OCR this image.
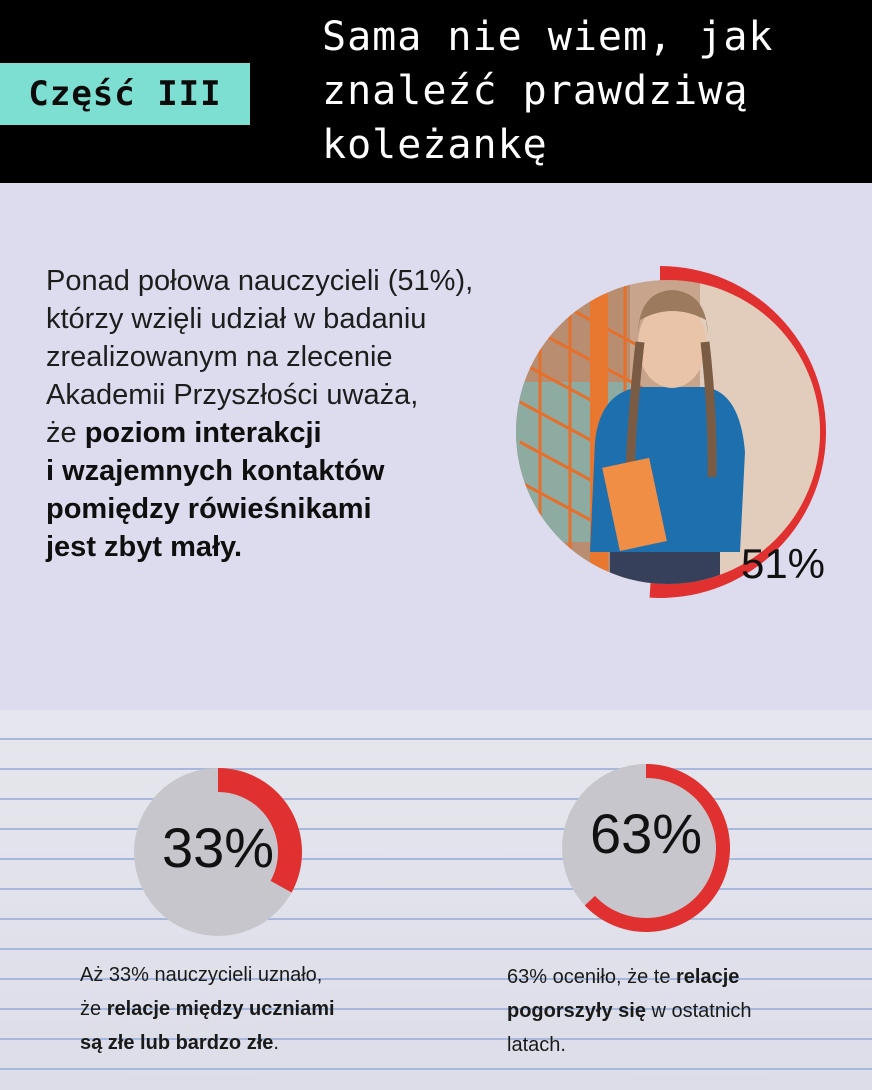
Część III
Sama nie wiem, jak
znaleźć prawdziwą
koleżankę
Ponad połowa nauczycieli (51%),
którzy wzięli udział w badaniu
zrealizowanym na zlecenie
Akademii Przyszłości uważa,
że poziom interakcji
i wzajemnych kontaktów
pomiędzy rówieśnikami
jest zbyt mały.	51%
33%	63%
Aż 33% nauczycieli uznało,
że relacje między uczniami
są złe lub bardzo złe.
63% oceniło, że te relacje
pogorszyły się w ostatnich
latach.
